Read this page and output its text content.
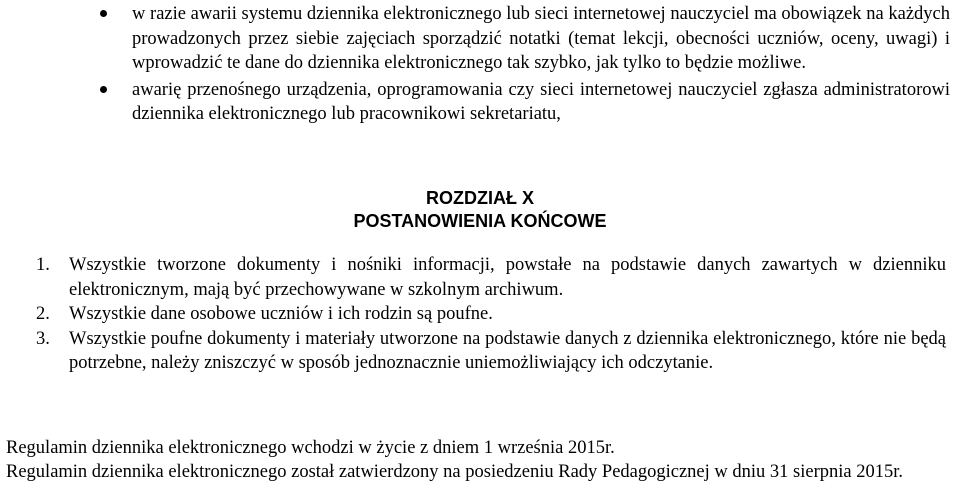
w razie awarii systemu dziennika elektronicznego lub sieci internetowej nauczyciel ma obowiązek na każdych prowadzonych przez siebie zajęciach sporządzić notatki (temat lekcji, obecności uczniów, oceny, uwagi) i wprowadzić te dane do dziennika elektronicznego tak szybko, jak tylko to będzie możliwe.
awarię przenośnego urządzenia, oprogramowania czy sieci internetowej nauczyciel zgłasza administratorowi dziennika elektronicznego lub pracownikowi sekretariatu,
ROZDZIAŁ X
POSTANOWIENIA KOŃCOWE
1. Wszystkie tworzone dokumenty i nośniki informacji, powstałe na podstawie danych zawartych w dzienniku elektronicznym, mają być przechowywane w szkolnym archiwum.
2. Wszystkie dane osobowe uczniów i ich rodzin są poufne.
3. Wszystkie poufne dokumenty i materiały utworzone na podstawie danych z dziennika elektronicznego, które nie będą potrzebne, należy zniszczyć w sposób jednoznacznie uniemożliwiający ich odczytanie.
Regulamin dziennika elektronicznego wchodzi w życie z dniem 1 września 2015r.
Regulamin dziennika elektronicznego został zatwierdzony na posiedzeniu Rady Pedagogicznej w dniu 31 sierpnia 2015r.
